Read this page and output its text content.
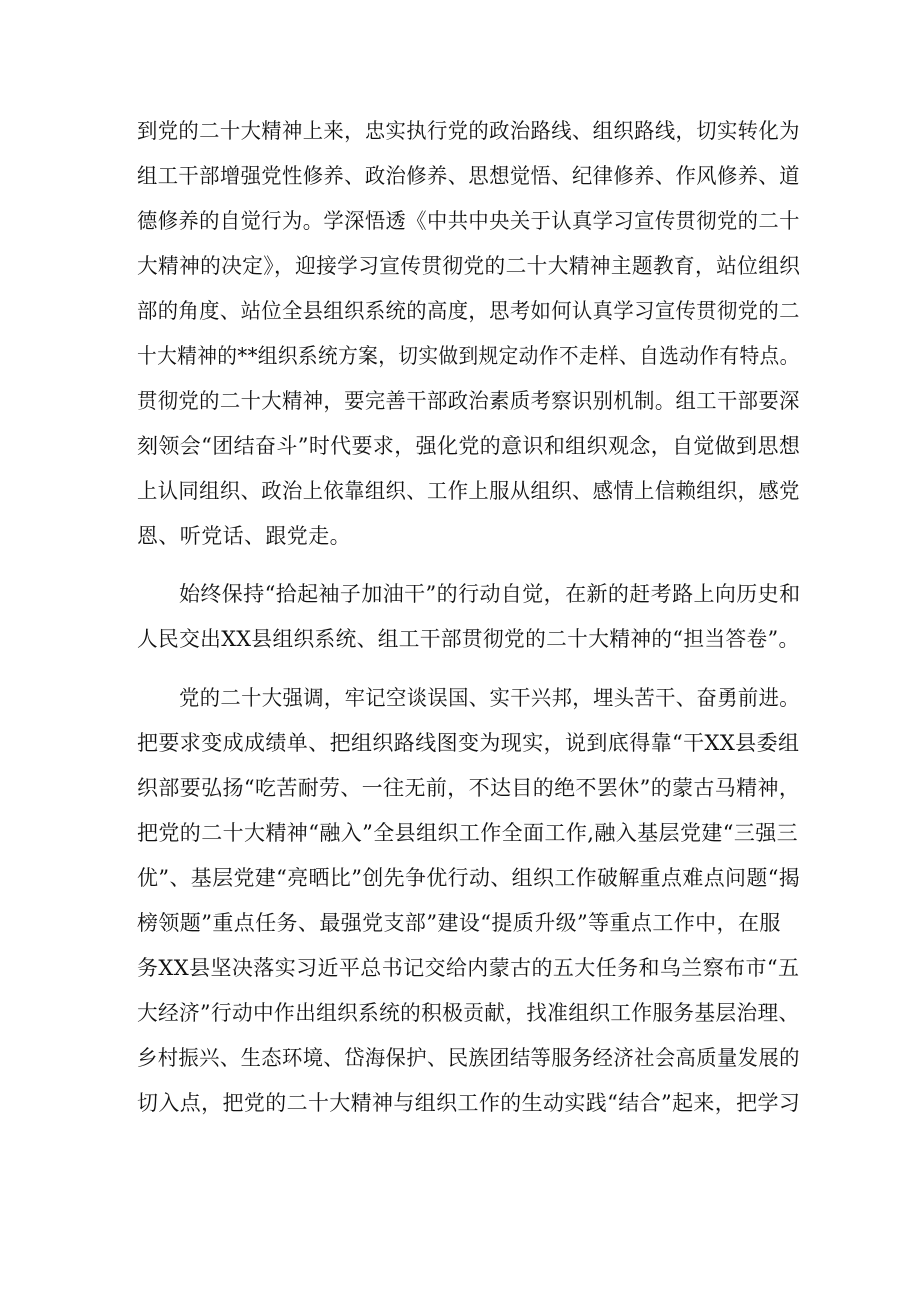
到党的二十大精神上来，忠实执行党的政治路线、组织路线，切实转化为
组工干部增强党性修养、政治修养、思想觉悟、纪律修养、作风修养、道
德修养的自觉行为。学深悟透《中共中央关于认真学习宣传贯彻党的二十
大精神的决定》，迎接学习宣传贯彻党的二十大精神主题教育，站位组织
部的角度、站位全县组织系统的高度，思考如何认真学习宣传贯彻党的二
十大精神的**组织系统方案，切实做到规定动作不走样、自选动作有特点。
贯彻党的二十大精神，要完善干部政治素质考察识别机制。组工干部要深
刻领会“团结奋斗”时代要求，强化党的意识和组织观念，自觉做到思想
上认同组织、政治上依靠组织、工作上服从组织、感情上信赖组织，感党
恩、听党话、跟党走。
始终保持“拾起袖子加油干”的行动自觉，在新的赶考路上向历史和
人民交出XX县组织系统、组工干部贯彻党的二十大精神的“担当答卷”。
党的二十大强调，牢记空谈误国、实干兴邦，埋头苦干、奋勇前进。
把要求变成成绩单、把组织路线图变为现实，说到底得靠“干XX县委组
织部要弘扬“吃苦耐劳、一往无前，不达目的绝不罢休”的蒙古马精神，
把党的二十大精神“融入”全县组织工作全面工作,融入基层党建“三强三
优”、基层党建“亮晒比”创先争优行动、组织工作破解重点难点问题“揭
榜领题”重点任务、最强党支部”建设“提质升级”等重点工作中，在服
务XX县坚决落实习近平总书记交给内蒙古的五大任务和乌兰察布市“五
大经济”行动中作出组织系统的积极贡献，找准组织工作服务基层治理、
乡村振兴、生态环境、岱海保护、民族团结等服务经济社会高质量发展的
切入点，把党的二十大精神与组织工作的生动实践“结合”起来，把学习
